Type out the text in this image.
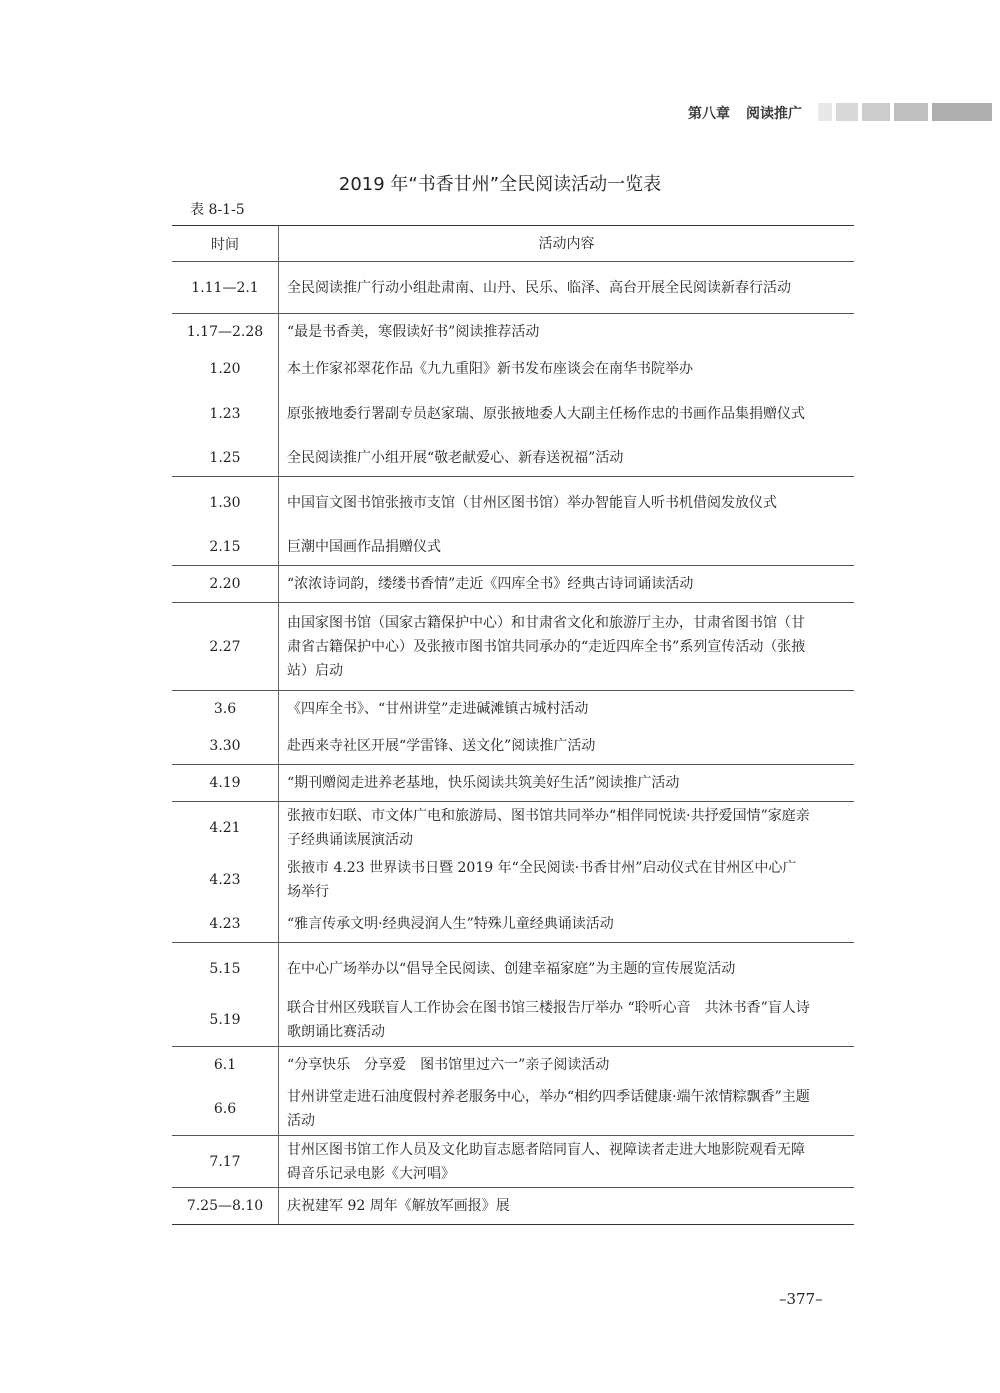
第八章 阅读推广
2019 年“书香甘州”全民阅读活动一览表
表 8-1-5
时间	活动内容
1.11—2.1	全民阅读推广行动小组赴肃南、山丹、民乐、临泽、高台开展全民阅读新春行活动
1.17—2.28	“最是书香美，寒假读好书”阅读推荐活动
1.20	本土作家祁翠花作品《九九重阳》新书发布座谈会在南华书院举办
1.23	原张掖地委行署副专员赵家瑞、原张掖地委人大副主任杨作忠的书画作品集捐赠仪式
1.25	全民阅读推广小组开展“敬老献爱心、新春送祝福”活动
1.30	中国盲文图书馆张掖市支馆（甘州区图书馆）举办智能盲人听书机借阅发放仪式
2.15	巨潮中国画作品捐赠仪式
2.20	“浓浓诗词韵，缕缕书香情”走近《四库全书》经典古诗词诵读活动
2.27	由国家图书馆（国家古籍保护中心）和甘肃省文化和旅游厅主办，甘肃省图书馆（甘肃省古籍保护中心）及张掖市图书馆共同承办的“走近四库全书”系列宣传活动（张掖站）启动
3.6	《四库全书》、“甘州讲堂”走进碱滩镇古城村活动
3.30	赴西来寺社区开展“学雷锋、送文化”阅读推广活动
4.19	“期刊赠阅走进养老基地，快乐阅读共筑美好生活”阅读推广活动
4.21	张掖市妇联、市文体广电和旅游局、图书馆共同举办“相伴同悦读·共抒爱国情”家庭亲子经典诵读展演活动
4.23	张掖市 4.23 世界读书日暨 2019 年“全民阅读·书香甘州”启动仪式在甘州区中心广场举行
4.23	“雅言传承文明·经典浸润人生”特殊儿童经典诵读活动
5.15	在中心广场举办以“倡导全民阅读、创建幸福家庭”为主题的宣传展览活动
5.19	联合甘州区残联盲人工作协会在图书馆三楼报告厅举办 “聆听心音　共沐书香”盲人诗歌朗诵比赛活动
6.1	“分享快乐　分享爱　图书馆里过六一”亲子阅读活动
6.6	甘州讲堂走进石油度假村养老服务中心，举办“相约四季话健康·端午浓情粽飘香”主题活动
7.17	甘州区图书馆工作人员及文化助盲志愿者陪同盲人、视障读者走进大地影院观看无障碍音乐记录电影《大河唱》
7.25—8.10	庆祝建军 92 周年《解放军画报》展
–377–
